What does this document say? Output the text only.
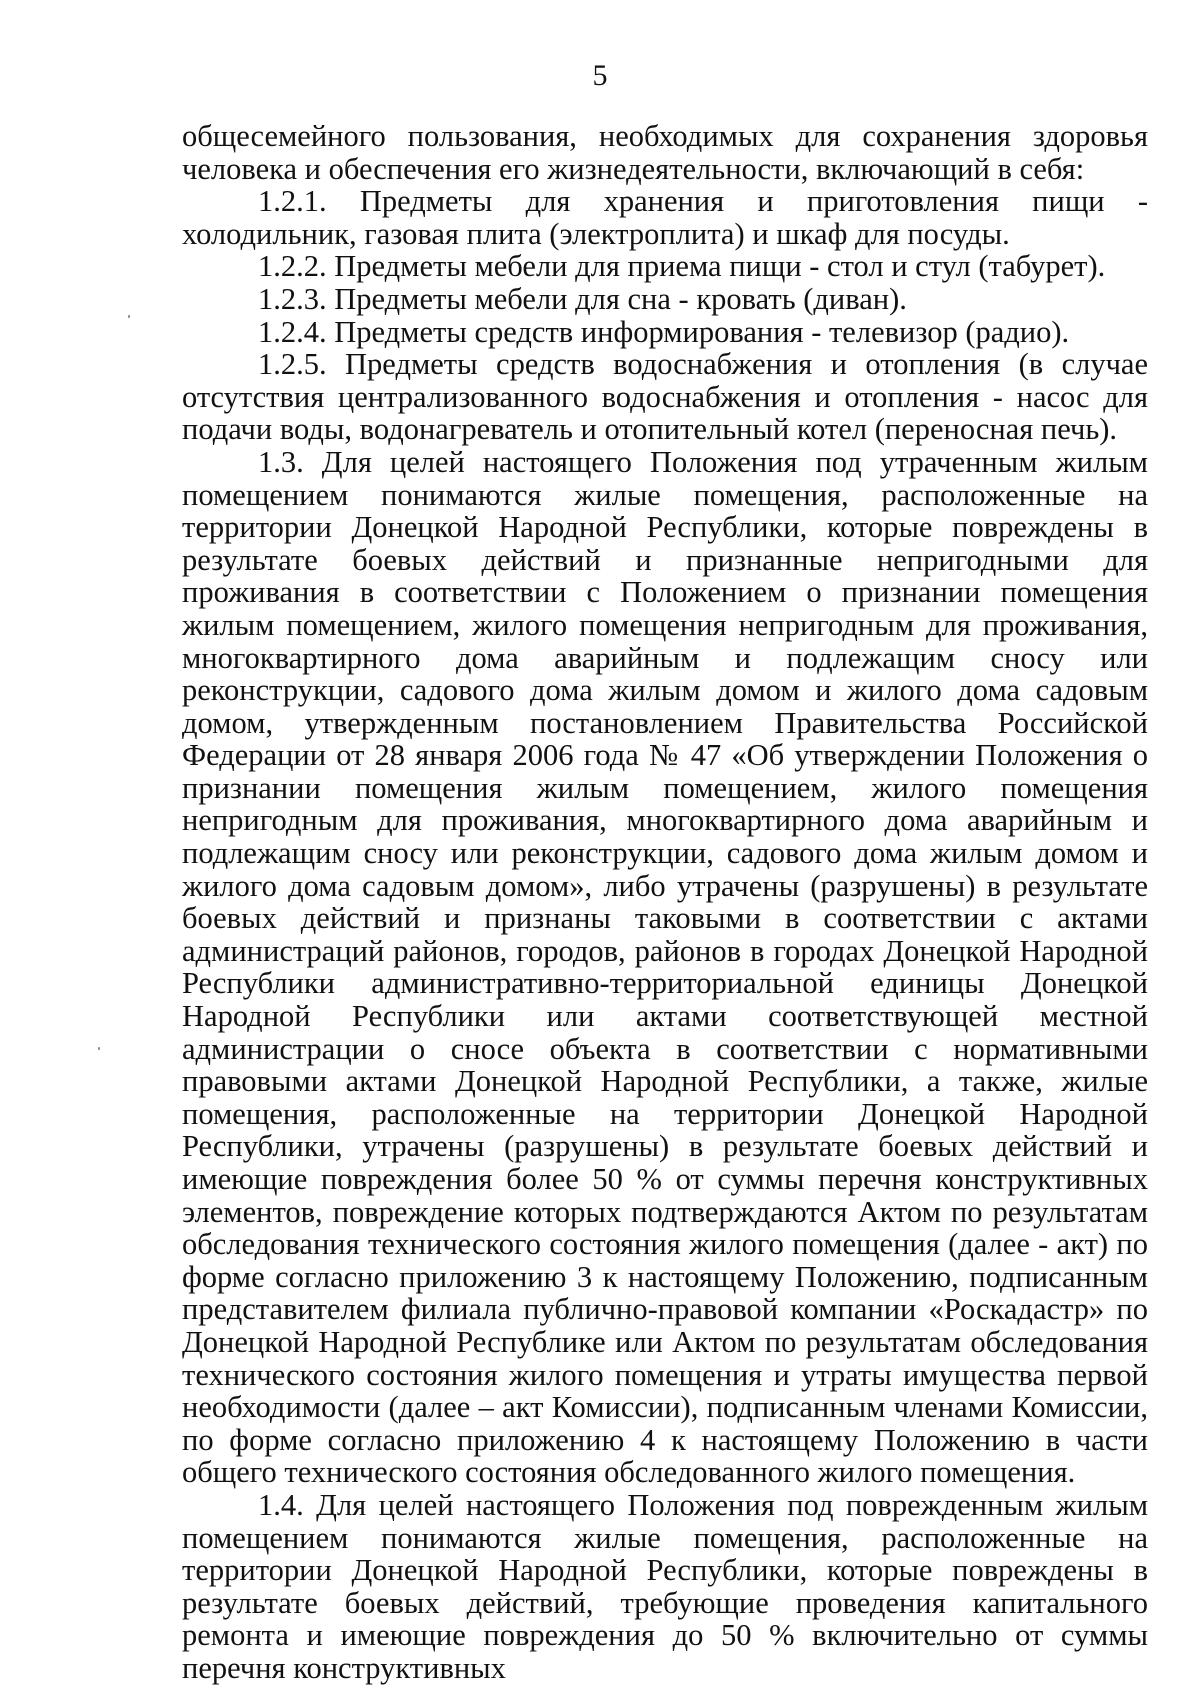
5

общесемейного пользования, необходимых для сохранения здоровья человека и обеспечения его жизнедеятельности, включающий в себя:

1.2.1. Предметы для хранения и приготовления пищи - холодильник, газовая плита (электроплита) и шкаф для посуды.

1.2.2. Предметы мебели для приема пищи - стол и стул (табурет).

1.2.3. Предметы мебели для сна - кровать (диван).

1.2.4. Предметы средств информирования - телевизор (радио).

1.2.5. Предметы средств водоснабжения и отопления (в случае отсутствия централизованного водоснабжения и отопления - насос для подачи воды, водонагреватель и отопительный котел (переносная печь).

1.3. Для целей настоящего Положения под утраченным жилым помещением понимаются жилые помещения, расположенные на территории Донецкой Народной Республики, которые повреждены в результате боевых действий и признанные непригодными для проживания в соответствии с Положением о признании помещения жилым помещением, жилого помещения непригодным для проживания, многоквартирного дома аварийным и подлежащим сносу или реконструкции, садового дома жилым домом и жилого дома садовым домом, утвержденным постановлением Правительства Российской Федерации от 28 января 2006 года № 47 «Об утверждении Положения о признании помещения жилым помещением, жилого помещения непригодным для проживания, многоквартирного дома аварийным и подлежащим сносу или реконструкции, садового дома жилым домом и жилого дома садовым домом», либо утрачены (разрушены) в результате боевых действий и признаны таковыми в соответствии с актами администраций районов, городов, районов в городах Донецкой Народной Республики административно-территориальной единицы Донецкой Народной Республики или актами соответствующей местной администрации о сносе объекта в соответствии с нормативными правовыми актами Донецкой Народной Республики, а также, жилые помещения, расположенные на территории Донецкой Народной Республики, утрачены (разрушены) в результате боевых действий и имеющие повреждения более 50 % от суммы перечня конструктивных элементов, повреждение которых подтверждаются Актом по результатам обследования технического состояния жилого помещения (далее - акт) по форме согласно приложению 3 к настоящему Положению, подписанным представителем филиала публично-правовой компании «Роскадастр» по Донецкой Народной Республике или Актом по результатам обследования технического состояния жилого помещения и утраты имущества первой необходимости (далее – акт Комиссии), подписанным членами Комиссии, по форме согласно приложению 4 к настоящему Положению в части общего технического состояния обследованного жилого помещения.

1.4. Для целей настоящего Положения под поврежденным жилым помещением понимаются жилые помещения, расположенные на территории Донецкой Народной Республики, которые повреждены в результате боевых действий, требующие проведения капитального ремонта и имеющие повреждения до 50 % включительно от суммы перечня конструктивных
